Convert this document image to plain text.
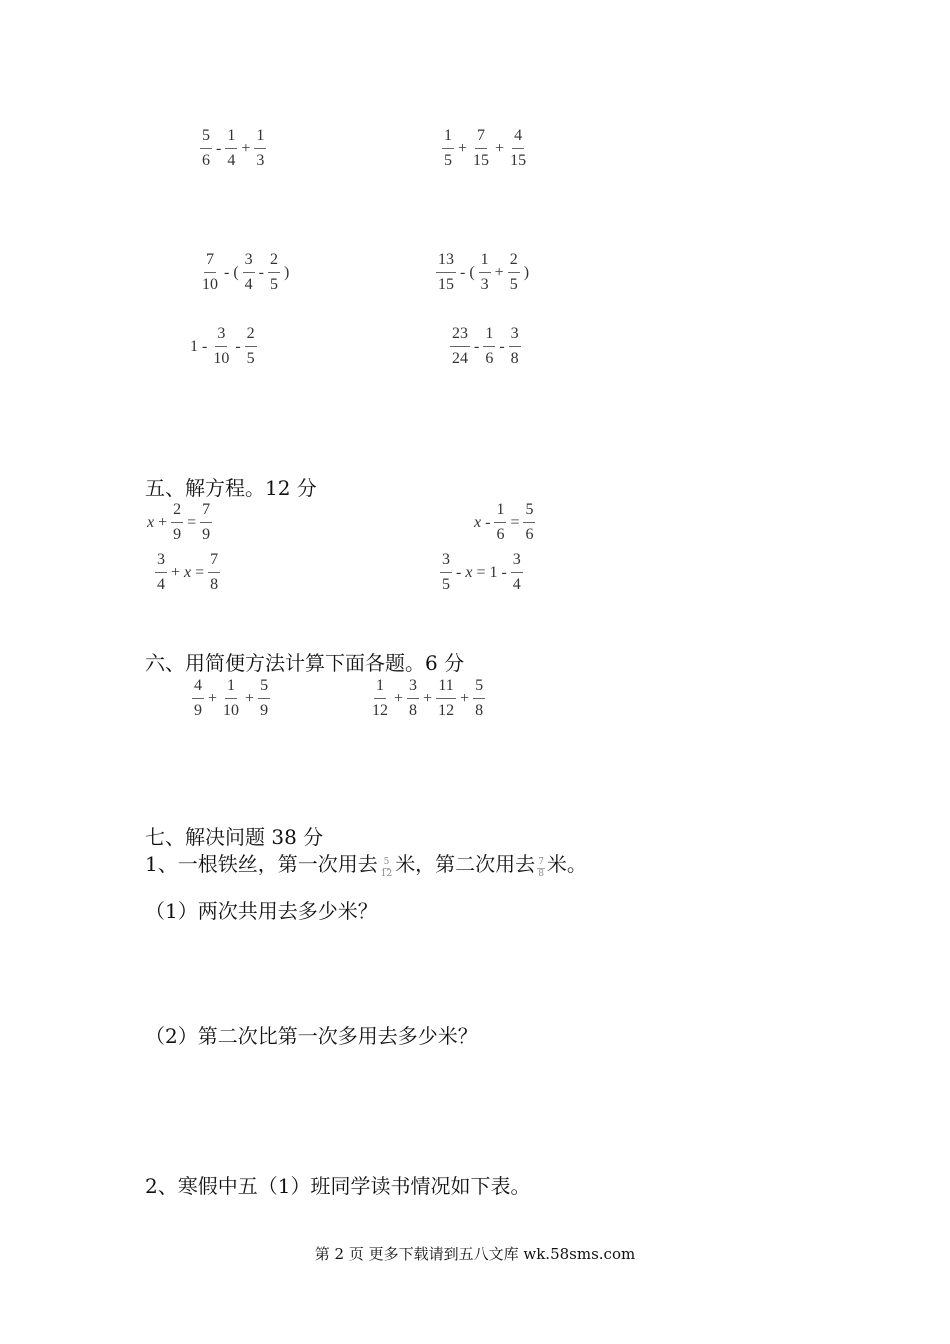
$\frac{5}{6} - \frac{1}{4} + \frac{1}{3}$	$\frac{1}{5} + \frac{7}{15} + \frac{4}{15}$
$\frac{7}{10}$ - ( $\frac{3}{4} - \frac{2}{5}$ )	$\frac{13}{15}$ - ( $\frac{1}{3} + \frac{2}{5}$ )
$1 - \frac{3}{10} - \frac{2}{5}$	$\frac{23}{24} - \frac{1}{6} - \frac{3}{8}$
五、解方程。12 分
$x + \frac{2}{9} = \frac{7}{9}$	$x - \frac{1}{6} = \frac{5}{6}$
$\frac{3}{4} + x = \frac{7}{8}$	$\frac{3}{5} - x = 1 - \frac{3}{4}$
六、用简便方法计算下面各题。6 分
$\frac{4}{9} + \frac{1}{10} + \frac{5}{9}$	$\frac{1}{12} + \frac{3}{8} + \frac{11}{12} + \frac{5}{8}$
七、解决问题 38 分
1、一根铁丝，第一次用去 $\frac{5}{12}$ 米，第二次用去 $\frac{7}{8}$ 米。
（1）两次共用去多少米？
（2）第二次比第一次多用去多少米？
2、寒假中五（1）班同学读书情况如下表。
第 2 页 更多下载请到五八文库 wk.58sms.com
